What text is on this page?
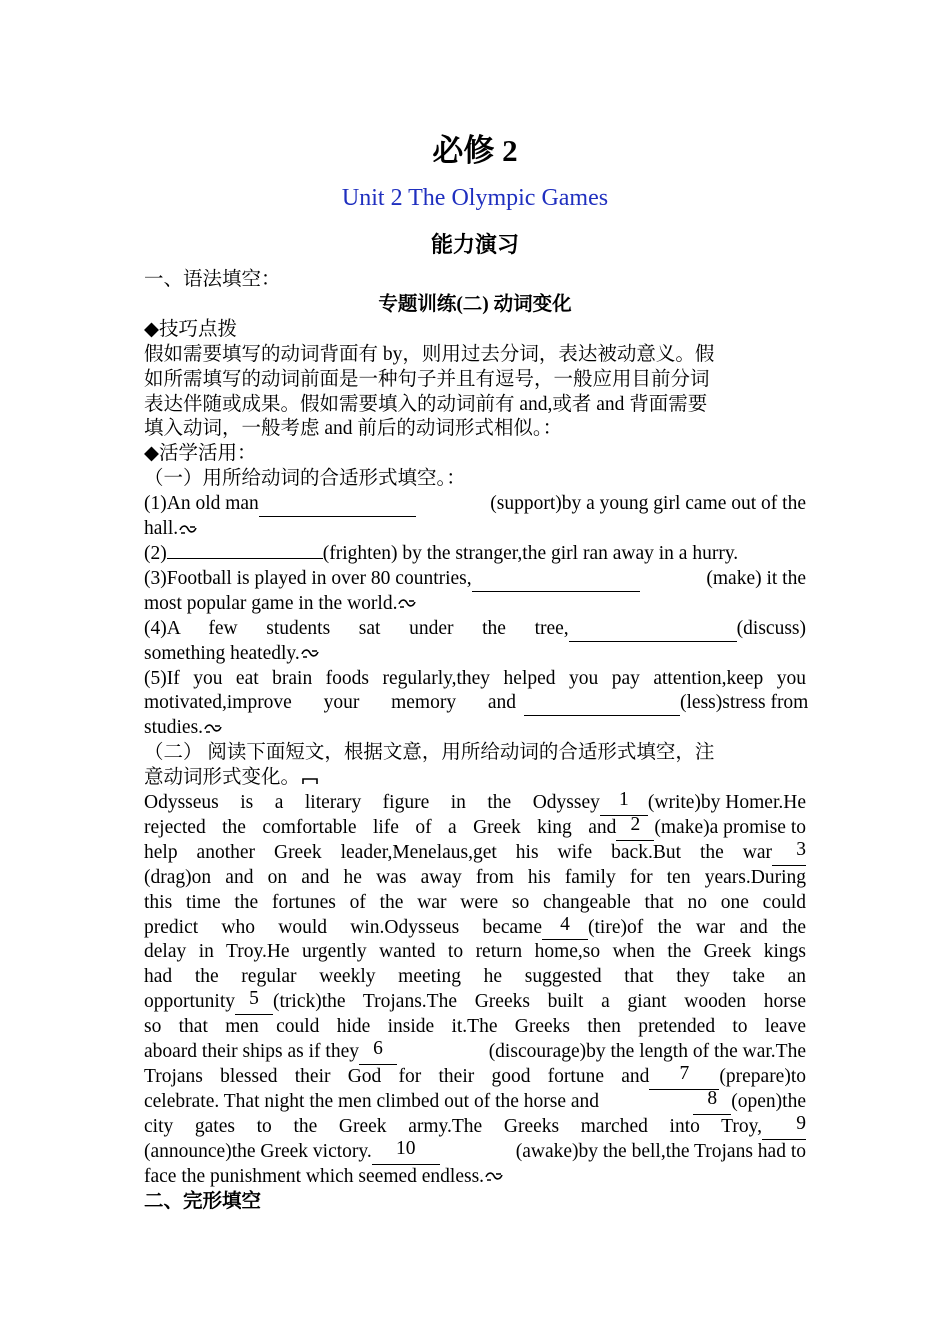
必修 2
Unit 2 The Olympic Games
能力演习
一、语法填空：
专题训练(二) 动词变化
◆技巧点拨
假如需要填写的动词背面有 by，则用过去分词，表达被动意义。假
如所需填写的动词前面是一种句子并且有逗号，一般应用目前分词
表达伴随或成果。假如需要填入的动词前有 and,或者 and 背面需要
填入动词，一般考虑 and 前后的动词形式相似。：
◆活学活用：
（一）用所给动词的合适形式填空。：
(1)An old man	(support)by a young girl came out of the
hall.
(2)	(frighten) by the stranger,the girl ran away in a hurry.
(3)Football is played in over 80 countries,	(make) it the
most popular game in the world.
(4)A few students sat under the tree,	(discuss)
something heatedly.
(5)If you eat brain foods regularly,they helped you pay attention,keep you
motivated,improve your memory and	(less)stress from
studies.
（二） 阅读下面短文，根据文意，用所给动词的合适形式填空，注
意动词形式变化。
Odysseus is a literary figure in the Odyssey 1 (write)by Homer.He
rejected the comfortable life of a Greek king and 2 (make)a promise to
help another Greek leader,Menelaus,get his wife back.But the war	3
(drag)on and on and he was away from his family for ten years.During
this time the fortunes of the war were so changeable that no one could
predict who would win.Odysseus became 4 (tire)of the war and the
delay in Troy.He urgently wanted to return home,so when the Greek kings
had the regular weekly meeting he suggested that they take an
opportunity 5 (trick)the Trojans.The Greeks built a giant wooden horse
so that men could hide inside it.The Greeks then pretended to leave
aboard their ships as if they 6	(discourage)by the length of the war.The
Trojans blessed their God for their good fortune and	7	(prepare)to
celebrate. That night the men climbed out of the horse and	8 (open)the
city gates to the Greek army.The Greeks marched into Troy,	9
(announce)the Greek victory.	10	(awake)by the bell,the Trojans had to
face the punishment which seemed endless.
二、完形填空
